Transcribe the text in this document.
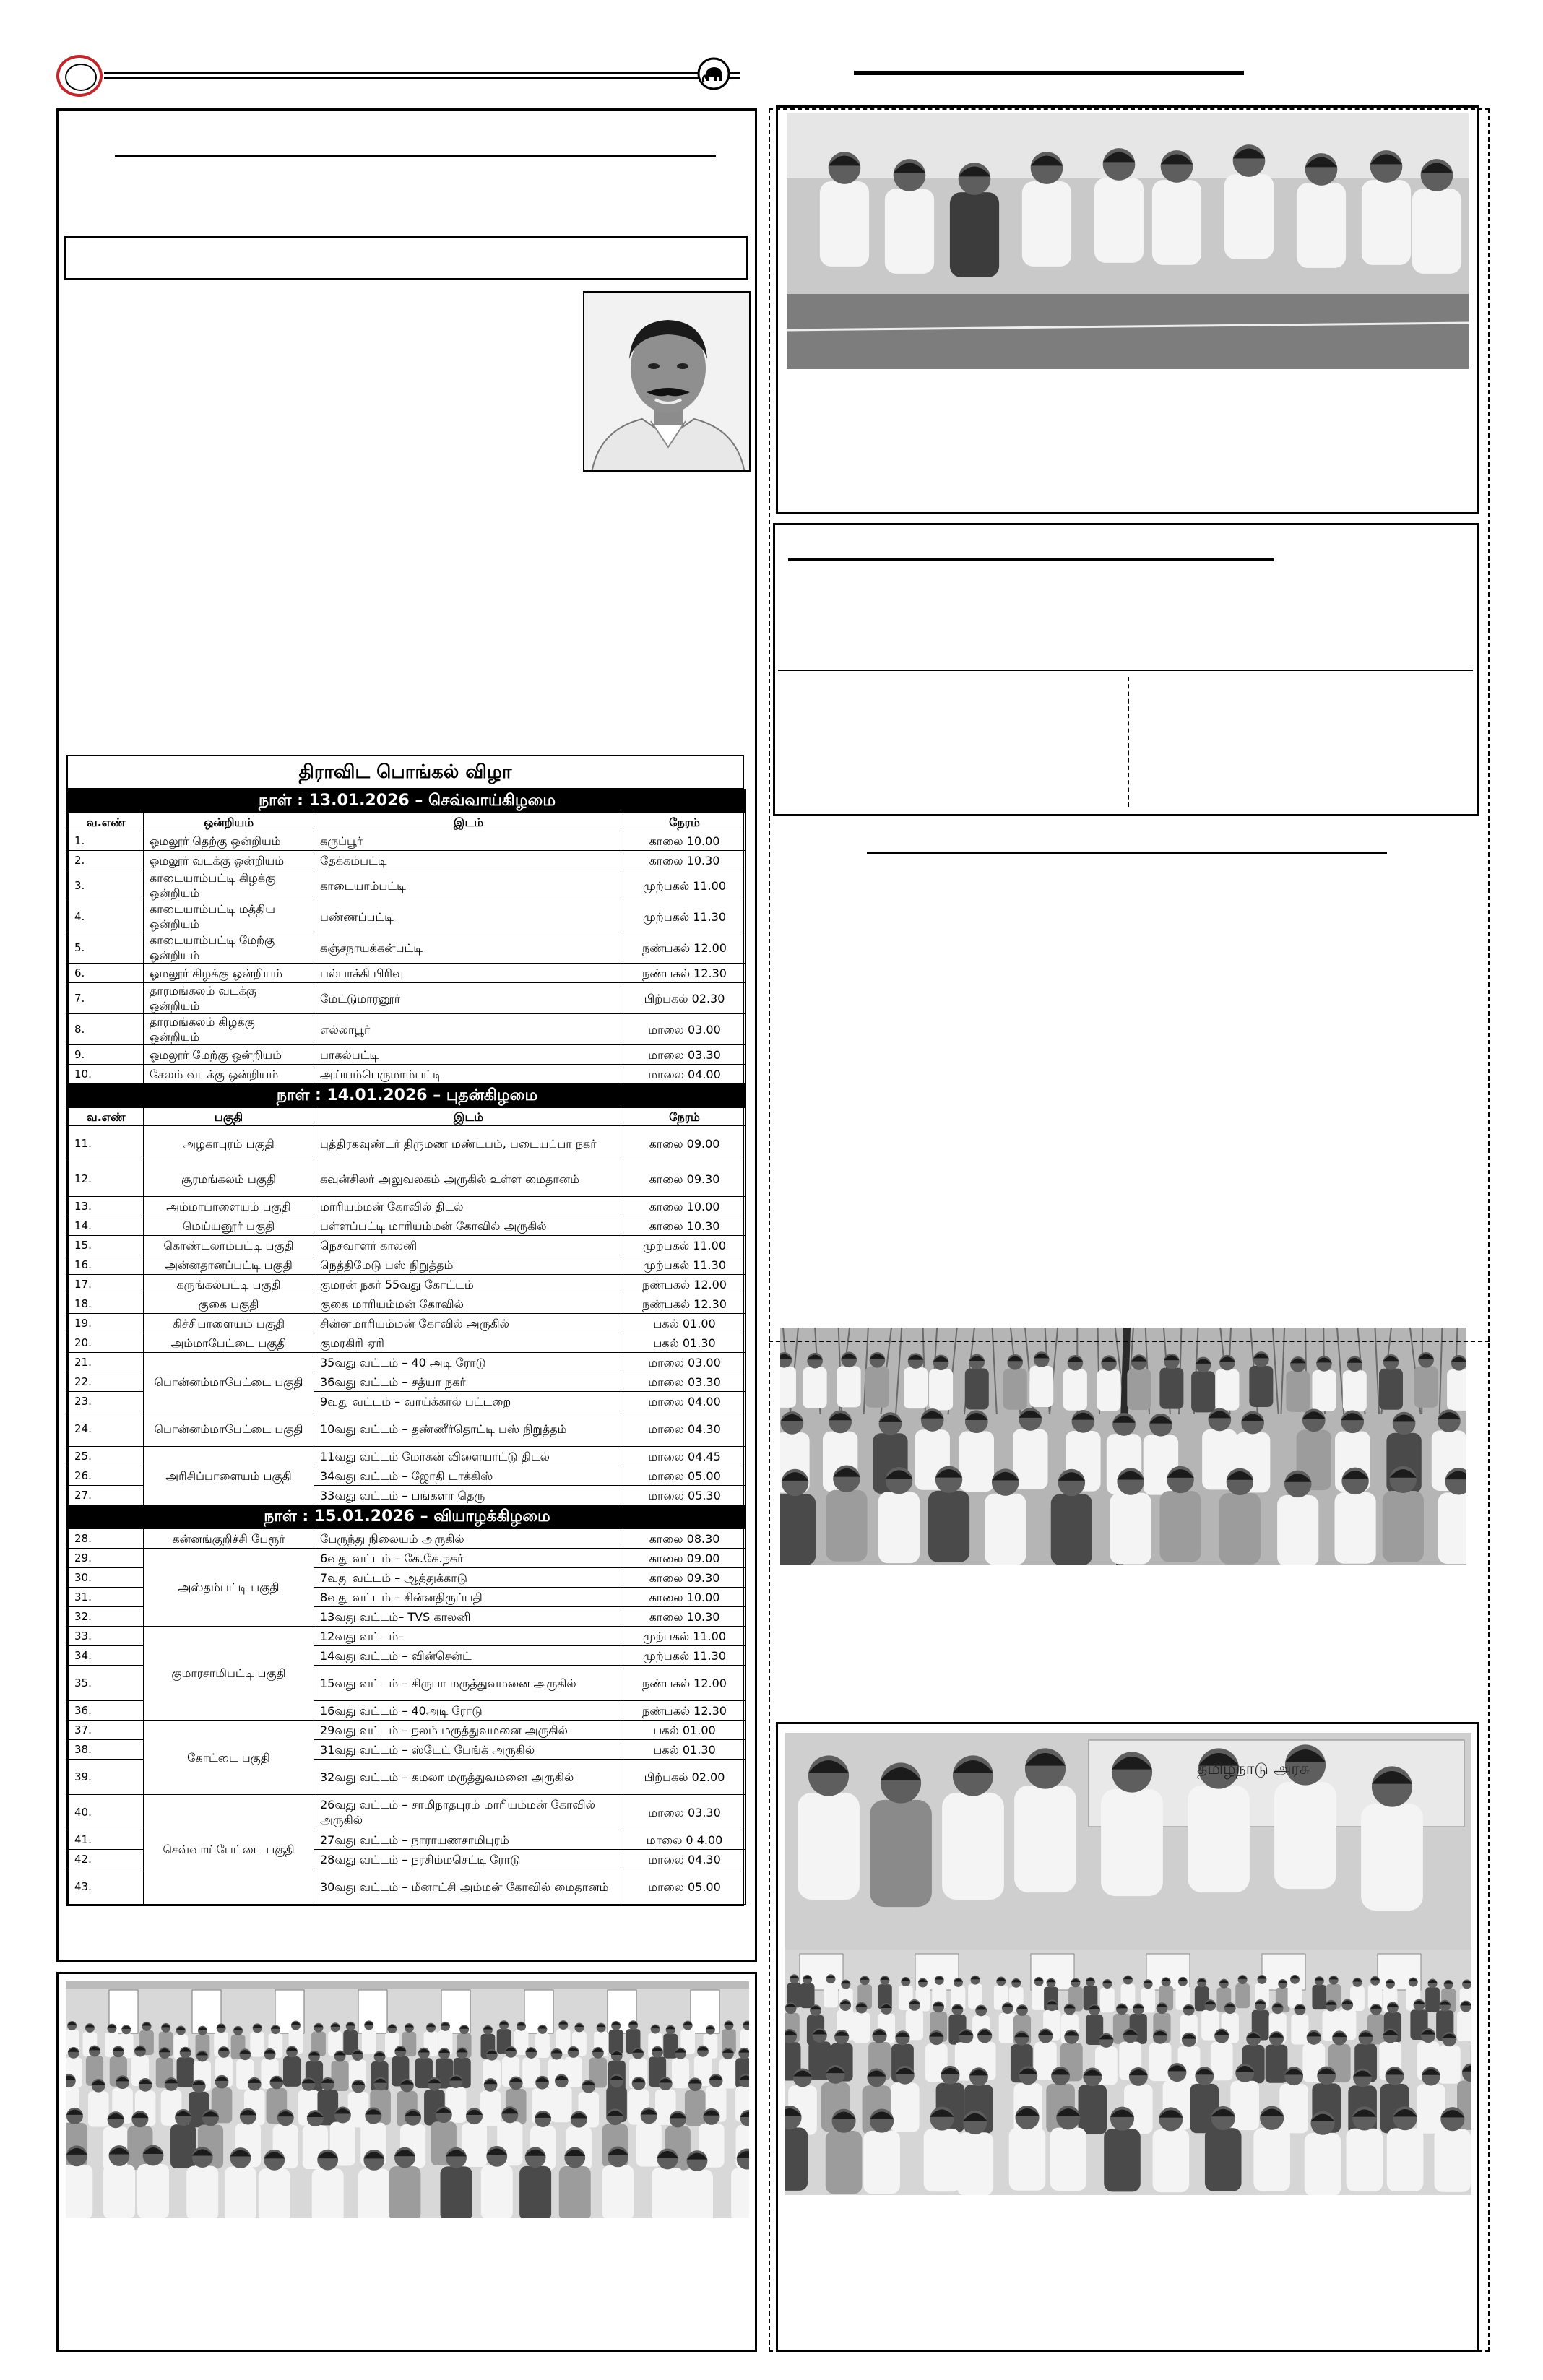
திராவிட பொங்கல் விழா
நாள் : 13.01.2026 – செவ்வாய்கிழமை			
வ.எண்	ஒன்றியம்	இடம்	நேரம்
1.	ஓமலூர் தெற்கு ஒன்றியம்	கருப்பூர்	காலை 10.00
2.	ஓமலூர் வடக்கு ஒன்றியம்	தேக்கம்பட்டி	காலை 10.30
3.	காடையாம்பட்டி கிழக்கு ஒன்றியம்	காடையாம்பட்டி	முற்பகல் 11.00
4.	காடையாம்பட்டி மத்திய ஒன்றியம்	பண்ணப்பட்டி	முற்பகல் 11.30
5.	காடையாம்பட்டி மேற்கு ஒன்றியம்	கஞ்சநாயக்கன்பட்டி	நண்பகல் 12.00
6.	ஓமலூர் கிழக்கு ஒன்றியம்	பல்பாக்கி பிரிவு	நண்பகல் 12.30
7.	தாரமங்கலம் வடக்கு ஒன்றியம்	மேட்டுமாரனூர்	பிற்பகல் 02.30
8.	தாரமங்கலம் கிழக்கு ஒன்றியம்	எல்லாபூர்	மாலை 03.00
9.	ஓமலூர் மேற்கு ஒன்றியம்	பாகல்பட்டி	மாலை 03.30
10.	சேலம் வடக்கு ஒன்றியம்	அய்யம்பெருமாம்பட்டி	மாலை 04.00
நாள் : 14.01.2026 – புதன்கிழமை			
வ.எண்	பகுதி	இடம்	நேரம்
11.	அழகாபுரம் பகுதி	புத்திரகவுண்டர் திருமண மண்டபம், படையப்பா நகர்	காலை 09.00
12.	சூரமங்கலம் பகுதி	கவுன்சிலர் அலுவலகம் அருகில் உள்ள மைதானம்	காலை 09.30
13.	அம்மாபாளையம் பகுதி	மாரியம்மன் கோவில் திடல்	காலை 10.00
14.	மெய்யனூர் பகுதி	பள்ளப்பட்டி மாரியம்மன் கோவில் அருகில்	காலை 10.30
15.	கொண்டலாம்பட்டி பகுதி	நெசவாளர் காலனி	முற்பகல் 11.00
16.	அன்னதானப்பட்டி பகுதி	நெத்திமேடு பஸ் நிறுத்தம்	முற்பகல் 11.30
17.	கருங்கல்பட்டி பகுதி	குமரன் நகர் 55வது கோட்டம்	நண்பகல் 12.00
18.	குகை பகுதி	குகை மாரியம்மன் கோவில்	நண்பகல் 12.30
19.	கிச்சிபாளையம் பகுதி	சின்னமாரியம்மன் கோவில் அருகில்	பகல் 01.00
20.	அம்மாபேட்டை பகுதி	குமரகிரி ஏரி	பகல் 01.30
21.	பொன்னம்மாபேட்டை பகுதி	35வது வட்டம் – 40 அடி ரோடு	மாலை 03.00
22.		36வது வட்டம் – சத்யா நகர்	மாலை 03.30
23.		9வது வட்டம் – வாய்க்கால் பட்டறை	மாலை 04.00
24.	பொன்னம்மாபேட்டை பகுதி	10வது வட்டம் – தண்ணீர்தொட்டி பஸ் நிறுத்தம்	மாலை 04.30
25.	அரிசிப்பாளையம் பகுதி	11வது வட்டம் மோகன் விளையாட்டு திடல்	மாலை 04.45
26.		34வது வட்டம் – ஜோதி டாக்கிஸ்	மாலை 05.00
27.		33வது வட்டம் – பங்களா தெரு	மாலை 05.30
நாள் : 15.01.2026 – வியாழக்கிழமை			
28.	கன்னங்குறிச்சி பேரூர்	பேருந்து நிலையம் அருகில்	காலை 08.30
29.	அஸ்தம்பட்டி பகுதி	6வது வட்டம் – கே.கே.நகர்	காலை 09.00
30.		7வது வட்டம் – ஆத்துக்காடு	காலை 09.30
31.		8வது வட்டம் – சின்னதிருப்பதி	காலை 10.00
32.		13வது வட்டம்– TVS காலனி	காலை 10.30
33.	குமாரசாமிபட்டி பகுதி	12வது வட்டம்–	முற்பகல் 11.00
34.		14வது வட்டம் – வின்சென்ட்	முற்பகல் 11.30
35.		15வது வட்டம் – கிருபா மருத்துவமனை அருகில்	நண்பகல் 12.00
36.		16வது வட்டம் – 40அடி ரோடு	நண்பகல் 12.30
37.	கோட்டை பகுதி	29வது வட்டம் – நலம் மருத்துவமனை அருகில்	பகல் 01.00
38.		31வது வட்டம் – ஸ்டேட் பேங்க் அருகில்	பகல் 01.30
39.		32வது வட்டம் – கமலா மருத்துவமனை அருகில்	பிற்பகல் 02.00
40.	செவ்வாய்பேட்டை பகுதி	26வது வட்டம் – சாமிநாதபுரம் மாரியம்மன் கோவில் அருகில்	மாலை 03.30
41.		27வது வட்டம் – நாராயணசாமிபுரம்	மாலை 0 4.00
42.		28வது வட்டம் – நரசிம்மசெட்டி ரோடு	மாலை 04.30
43.		30வது வட்டம் – மீனாட்சி அம்மன் கோவில் மைதானம்	மாலை 05.00
தமிழ்நாடு அரசு
